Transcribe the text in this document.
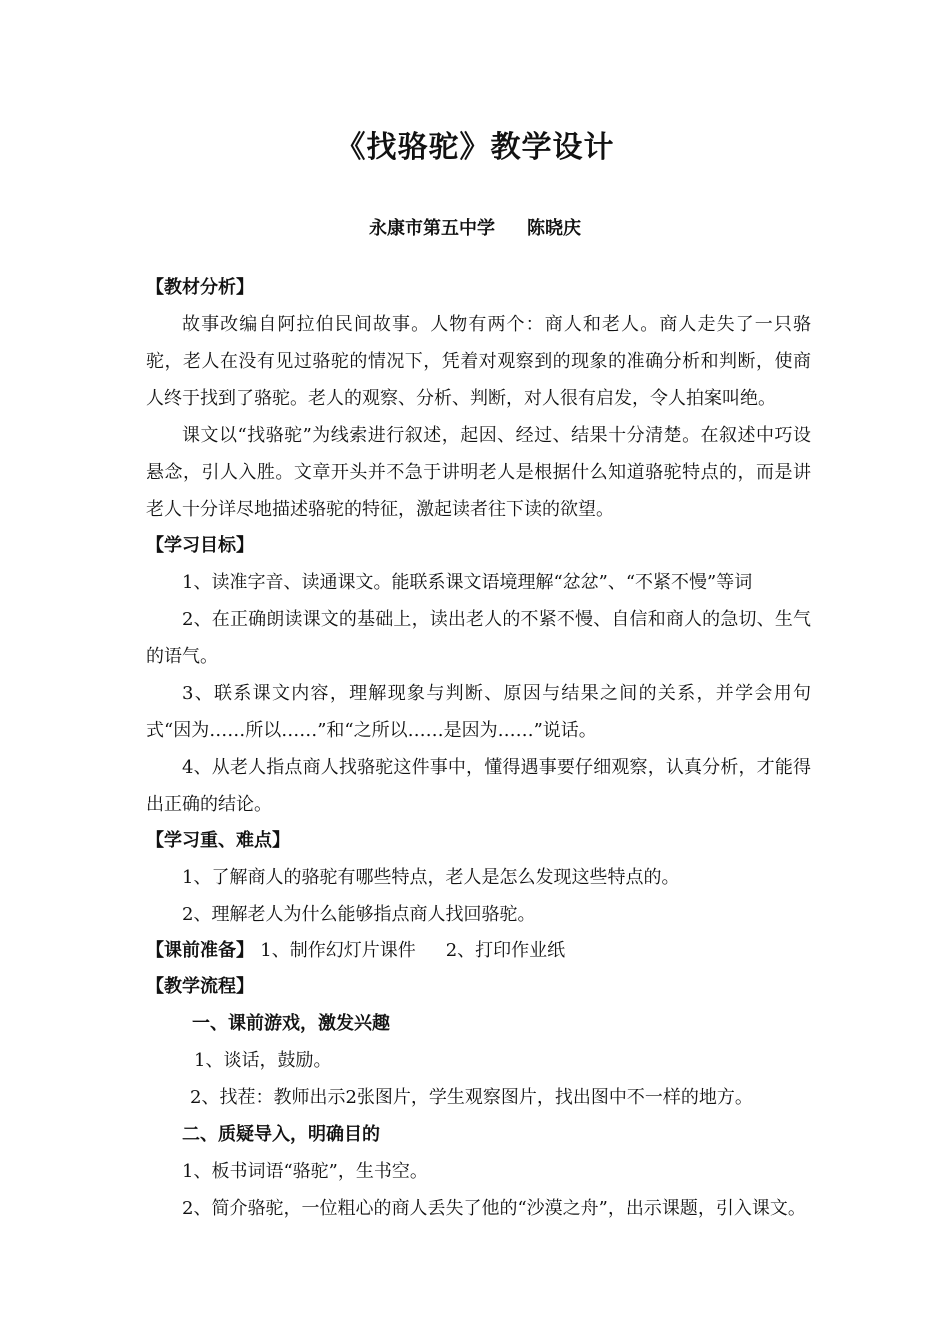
《找骆驼》教学设计
永康市第五中学 陈晓庆
【教材分析】
故事改编自阿拉伯民间故事。人物有两个：商人和老人。商人走失了一只骆驼，老人在没有见过骆驼的情况下，凭着对观察到的现象的准确分析和判断，使商人终于找到了骆驼。老人的观察、分析、判断，对人很有启发，令人拍案叫绝。
课文以“找骆驼”为线索进行叙述，起因、经过、结果十分清楚。在叙述中巧设悬念，引人入胜。文章开头并不急于讲明老人是根据什么知道骆驼特点的，而是讲老人十分详尽地描述骆驼的特征，激起读者往下读的欲望。
【学习目标】
1、读准字音、读通课文。能联系课文语境理解“忿忿”、“不紧不慢”等词
2、在正确朗读课文的基础上，读出老人的不紧不慢、自信和商人的急切、生气的语气。
3、联系课文内容，理解现象与判断、原因与结果之间的关系，并学会用句式“因为……所以……”和“之所以……是因为……”说话。
4、从老人指点商人找骆驼这件事中，懂得遇事要仔细观察，认真分析，才能得出正确的结论。
【学习重、难点】
1、了解商人的骆驼有哪些特点，老人是怎么发现这些特点的。
2、理解老人为什么能够指点商人找回骆驼。
【课前准备】 1、制作幻灯片课件 2、打印作业纸
【教学流程】
一、课前游戏，激发兴趣
1、谈话，鼓励。
2、找茬：教师出示2张图片，学生观察图片，找出图中不一样的地方。
二、质疑导入，明确目的
1、板书词语“骆驼”，生书空。
2、简介骆驼，一位粗心的商人丢失了他的“沙漠之舟”，出示课题，引入课文。
